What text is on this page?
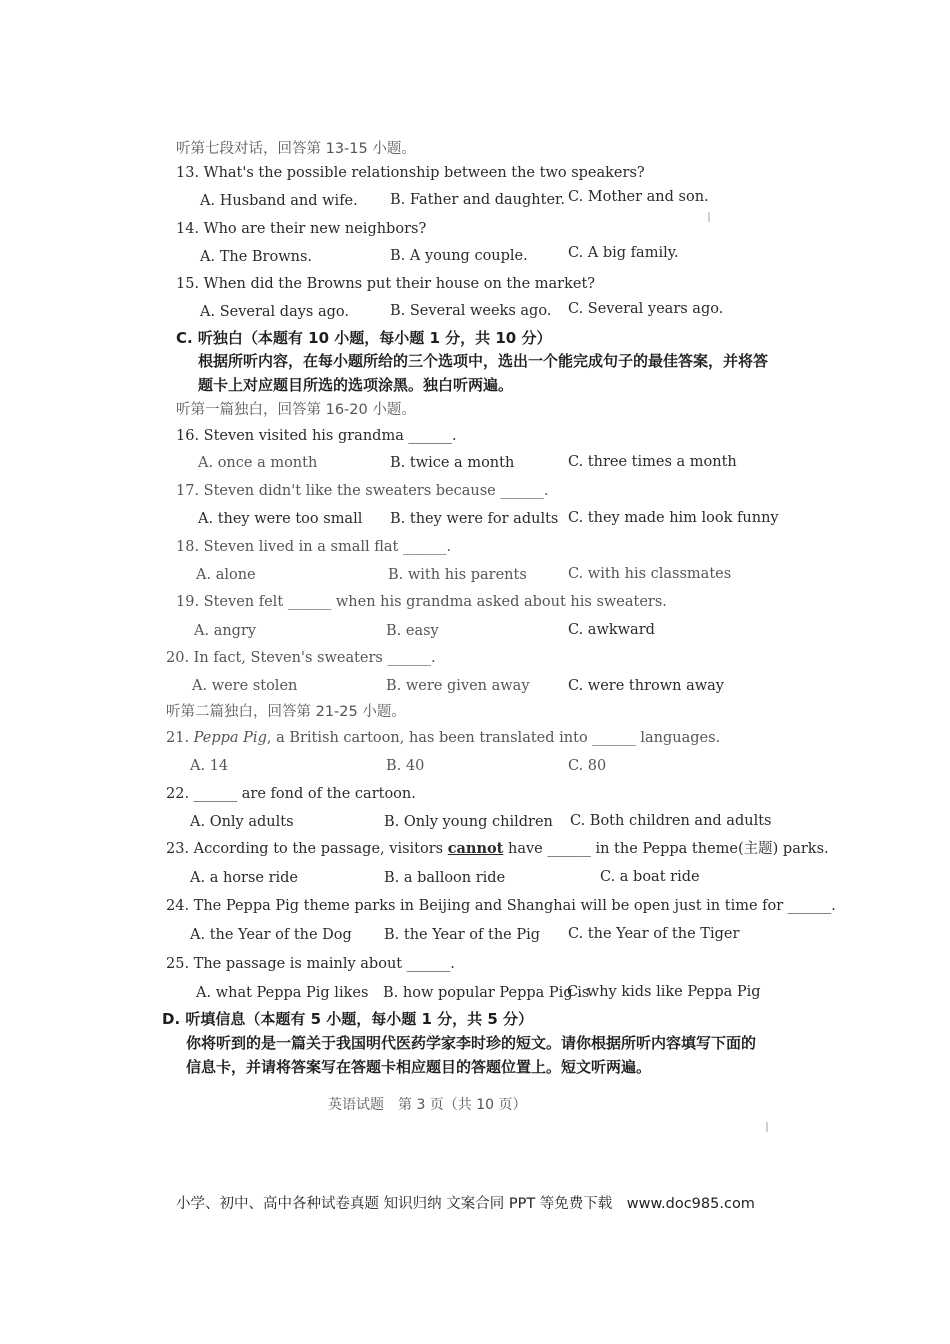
听第七段对话，回答第 13-15 小题。
13. What's the possible relationship between the two speakers?
A. Husband and wife. B. Father and daughter. C. Mother and son.
14. Who are their new neighbors?
A. The Browns.	B. A young couple.	C. A big family.
15. When did the Browns put their house on the market?
A. Several days ago.	B. Several weeks ago. C. Several years ago.
C. 听独白（本题有 10 小题，每小题 1 分，共 10 分）
根据所听内容，在每小题所给的三个选项中，选出一个能完成句子的最佳答案，并将答
题卡上对应题目所选的选项涂黑。独白听两遍。
听第一篇独白，回答第 16-20 小题。
16. Steven visited his grandma ______.
A. once a month	B. twice a month	C. three times a month
17. Steven didn't like the sweaters because ______.
A. they were too small B. they were for adults C. they made him look funny
18. Steven lived in a small flat ______.
A. alone	B. with his parents	C. with his classmates
19. Steven felt ______ when his grandma asked about his sweaters.
A. angry	B. easy	C. awkward
20. In fact, Steven's sweaters ______.
A. were stolen	B. were given away	C. were thrown away
听第二篇独白，回答第 21-25 小题。
21. Peppa Pig, a British cartoon, has been translated into ______ languages.
A. 14	B. 40	C. 80
22. ______ are fond of the cartoon.
A. Only adults	B. Only young children C. Both children and adults
23. According to the passage, visitors cannot have ______ in the Peppa theme(主题) parks.
A. a horse ride	B. a balloon ride	C. a boat ride
24. The Peppa Pig theme parks in Beijing and Shanghai will be open just in time for ______.
A. the Year of the Dog B. the Year of the Pig C. the Year of the Tiger
25. The passage is mainly about ______.
A. what Peppa Pig likes B. how popular Peppa Pig is
C. why kids like Peppa Pig
D. 听填信息（本题有 5 小题，每小题 1 分，共 5 分）
你将听到的是一篇关于我国明代医药学家李时珍的短文。请你根据所听内容填写下面的
信息卡，并请将答案写在答题卡相应题目的答题位置上。短文听两遍。
英语试题　第 3 页（共 10 页）
小学、初中、高中各种试卷真题 知识归纳 文案合同 PPT 等免费下载　www.doc985.com
